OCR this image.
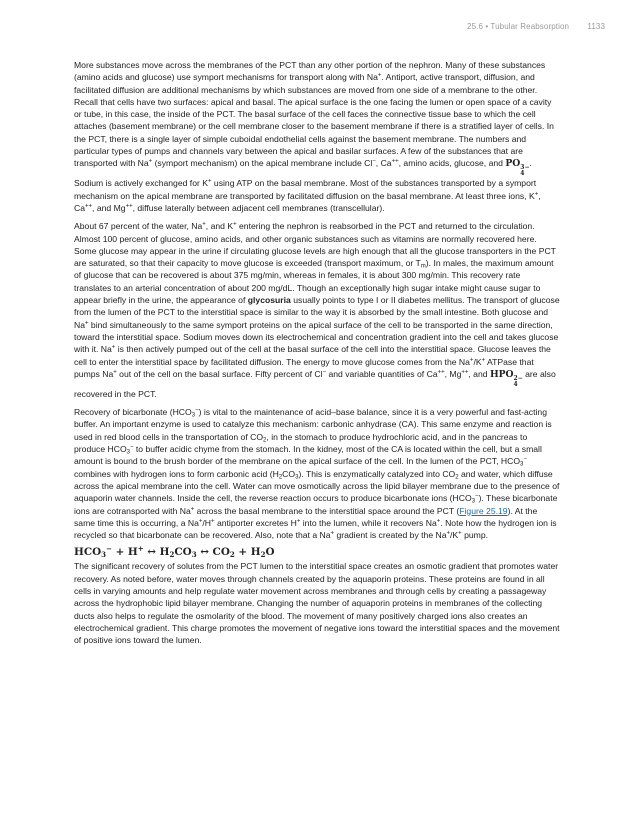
25.6 • Tubular Reabsorption 1133

More substances move across the membranes of the PCT than any other portion of the nephron. Many of these substances (amino acids and glucose) use symport mechanisms for transport along with Na+. Antiport, active transport, diffusion, and facilitated diffusion are additional mechanisms by which substances are moved from one side of a membrane to the other. Recall that cells have two surfaces: apical and basal. The apical surface is the one facing the lumen or open space of a cavity or tube, in this case, the inside of the PCT. The basal surface of the cell faces the connective tissue base to which the cell attaches (basement membrane) or the cell membrane closer to the basement membrane if there is a stratified layer of cells. In the PCT, there is a single layer of simple cuboidal endothelial cells against the basement membrane. The numbers and particular types of pumps and channels vary between the apical and basilar surfaces. A few of the substances that are transported with Na+ (symport mechanism) on the apical membrane include Cl−, Ca++, amino acids, glucose, and PO 3−
4
. Sodium is actively exchanged for K+ using ATP on the basal membrane. Most of the substances transported by a symport mechanism on the apical membrane are transported by facilitated diffusion on the basal membrane. At least three ions, K+, Ca++, and Mg++, diffuse laterally between adjacent cell membranes (transcellular).

About 67 percent of the water, Na+, and K+ entering the nephron is reabsorbed in the PCT and returned to the circulation. Almost 100 percent of glucose, amino acids, and other organic substances such as vitamins are normally recovered here. Some glucose may appear in the urine if circulating glucose levels are high enough that all the glucose transporters in the PCT are saturated, so that their capacity to move glucose is exceeded (transport maximum, or $T_m$). In males, the maximum amount of glucose that can be recovered is about 375 mg/min, whereas in females, it is about 300 mg/min. This recovery rate translates to an arterial concentration of about 200 mg/dL. Though an exceptionally high sugar intake might cause sugar to appear briefly in the urine, the appearance of glycosuria usually points to type I or II diabetes mellitus. The transport of glucose from the lumen of the PCT to the interstitial space is similar to the way it is absorbed by the small intestine. Both glucose and Na+ bind simultaneously to the same symport proteins on the apical surface of the cell to be transported in the same direction, toward the interstitial space. Sodium moves down its electrochemical and concentration gradient into the cell and takes glucose with it. Na+ is then actively pumped out of the cell at the basal surface of the cell into the interstitial space. Glucose leaves the cell to enter the interstitial space by facilitated diffusion. The energy to move glucose comes from the Na+/K+ ATPase that pumps Na+ out of the cell on the basal surface. Fifty percent of Cl− and variable quantities of Ca++, Mg++, and HPO 2−
4
are also recovered in the PCT.

Recovery of bicarbonate $(HCO_3^-)$ is vital to the maintenance of acid–base balance, since it is a very powerful and fast-acting buffer. An important enzyme is used to catalyze this mechanism: carbonic anhydrase (CA). This same enzyme and reaction is used in red blood cells in the transportation of $CO_2$, in the stomach to produce hydrochloric acid, and in the pancreas to produce $HCO_3^-$ to buffer acidic chyme from the stomach. In the kidney, most of the CA is located within the cell, but a small amount is bound to the brush border of the membrane on the apical surface of the cell. In the lumen of the PCT, $HCO_3^-$ combines with hydrogen ions to form carbonic acid $(H_2CO_3)$. This is enzymatically catalyzed into $CO_2$ and water, which diffuse across the apical membrane into the cell. Water can move osmotically across the lipid bilayer membrane due to the presence of aquaporin water channels. Inside the cell, the reverse reaction occurs to produce bicarbonate ions $(HCO_3^-)$. These bicarbonate ions are cotransported with Na+ across the basal membrane to the interstitial space around the PCT (Figure 25.19). At the same time this is occurring, a Na+/H+ antiporter excretes H+ into the lumen, while it recovers Na+. Note how the hydrogen ion is recycled so that bicarbonate can be recovered. Also, note that a Na+ gradient is created by the Na+/K+ pump.

$HCO_3^- + H^+$ ↔ $H_2CO_3$ ↔ $CO_2 + H_2O$

The significant recovery of solutes from the PCT lumen to the interstitial space creates an osmotic gradient that promotes water recovery. As noted before, water moves through channels created by the aquaporin proteins. These proteins are found in all cells in varying amounts and help regulate water movement across membranes and through cells by creating a passageway across the hydrophobic lipid bilayer membrane. Changing the number of aquaporin proteins in membranes of the collecting ducts also helps to regulate the osmolarity of the blood. The movement of many positively charged ions also creates an electrochemical gradient. This charge promotes the movement of negative ions toward the interstitial spaces and the movement of positive ions toward the lumen.
